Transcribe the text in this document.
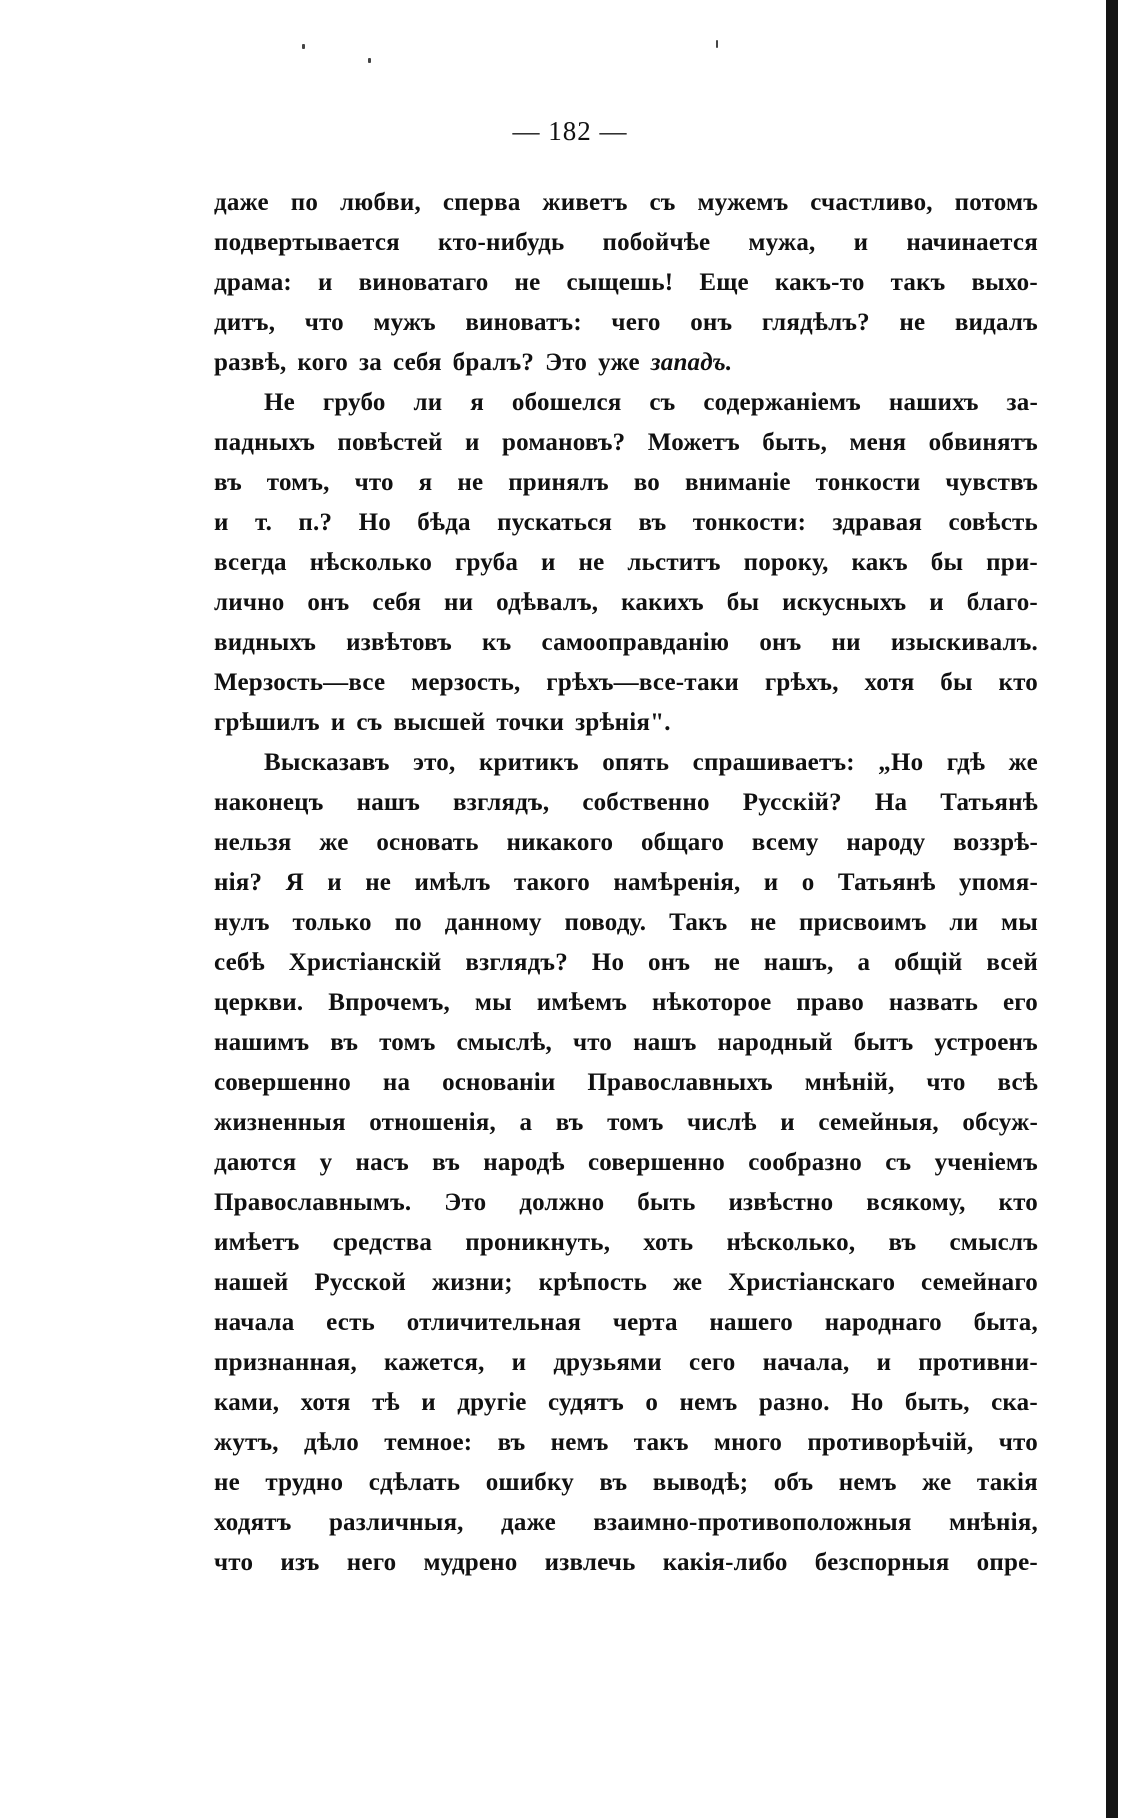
— 182 —
даже по любви, сперва живетъ съ мужемъ счастливо, потомъ
подвертывается кто-нибудь побойчѣе мужа, и начинается
драма: и виноватаго не сыщешь! Еще какъ-то такъ выхо-
дитъ, что мужъ виноватъ: чего онъ глядѣлъ? не видалъ
развѣ, кого за себя бралъ? Это уже западъ.
Не грубо ли я обошелся съ содержаніемъ нашихъ за-
падныхъ повѣстей и романовъ? Можетъ быть, меня обвинятъ
въ томъ, что я не принялъ во вниманіе тонкости чувствъ
и т. п.? Но бѣда пускаться въ тонкости: здравая совѣсть
всегда нѣсколько груба и не льститъ пороку, какъ бы при-
лично онъ себя ни одѣвалъ, какихъ бы искусныхъ и благо-
видныхъ извѣтовъ къ самооправданію онъ ни изыскивалъ.
Мерзость—все мерзость, грѣхъ—все-таки грѣхъ, хотя бы кто
грѣшилъ и съ высшей точки зрѣнія".
Высказавъ это, критикъ опять спрашиваетъ: „Но гдѣ же
наконецъ нашъ взглядъ, собственно Русскій? На Татьянѣ
нельзя же основать никакого общаго всему народу воззрѣ-
нія? Я и не имѣлъ такого намѣренія, и о Татьянѣ упомя-
нулъ только по данному поводу. Такъ не присвоимъ ли мы
себѣ Христіанскій взглядъ? Но онъ не нашъ, а общій всей
церкви. Впрочемъ, мы имѣемъ нѣкоторое право назвать его
нашимъ въ томъ смыслѣ, что нашъ народный бытъ устроенъ
совершенно на основаніи Православныхъ мнѣній, что всѣ
жизненныя отношенія, а въ томъ числѣ и семейныя, обсуж-
даются у насъ въ народѣ совершенно сообразно съ ученіемъ
Православнымъ. Это должно быть извѣстно всякому, кто
имѣетъ средства проникнуть, хоть нѣсколько, въ смыслъ
нашей Русской жизни; крѣпость же Христіанскаго семейнаго
начала есть отличительная черта нашего народнаго быта,
признанная, кажется, и друзьями сего начала, и противни-
ками, хотя тѣ и другіе судятъ о немъ разно. Но быть, ска-
жутъ, дѣло темное: въ немъ такъ много противорѣчій, что
не трудно сдѣлать ошибку въ выводѣ; объ немъ же такія
ходятъ различныя, даже взаимно-противоположныя мнѣнія,
что изъ него мудрено извлечь какія-либо безспорныя опре-
